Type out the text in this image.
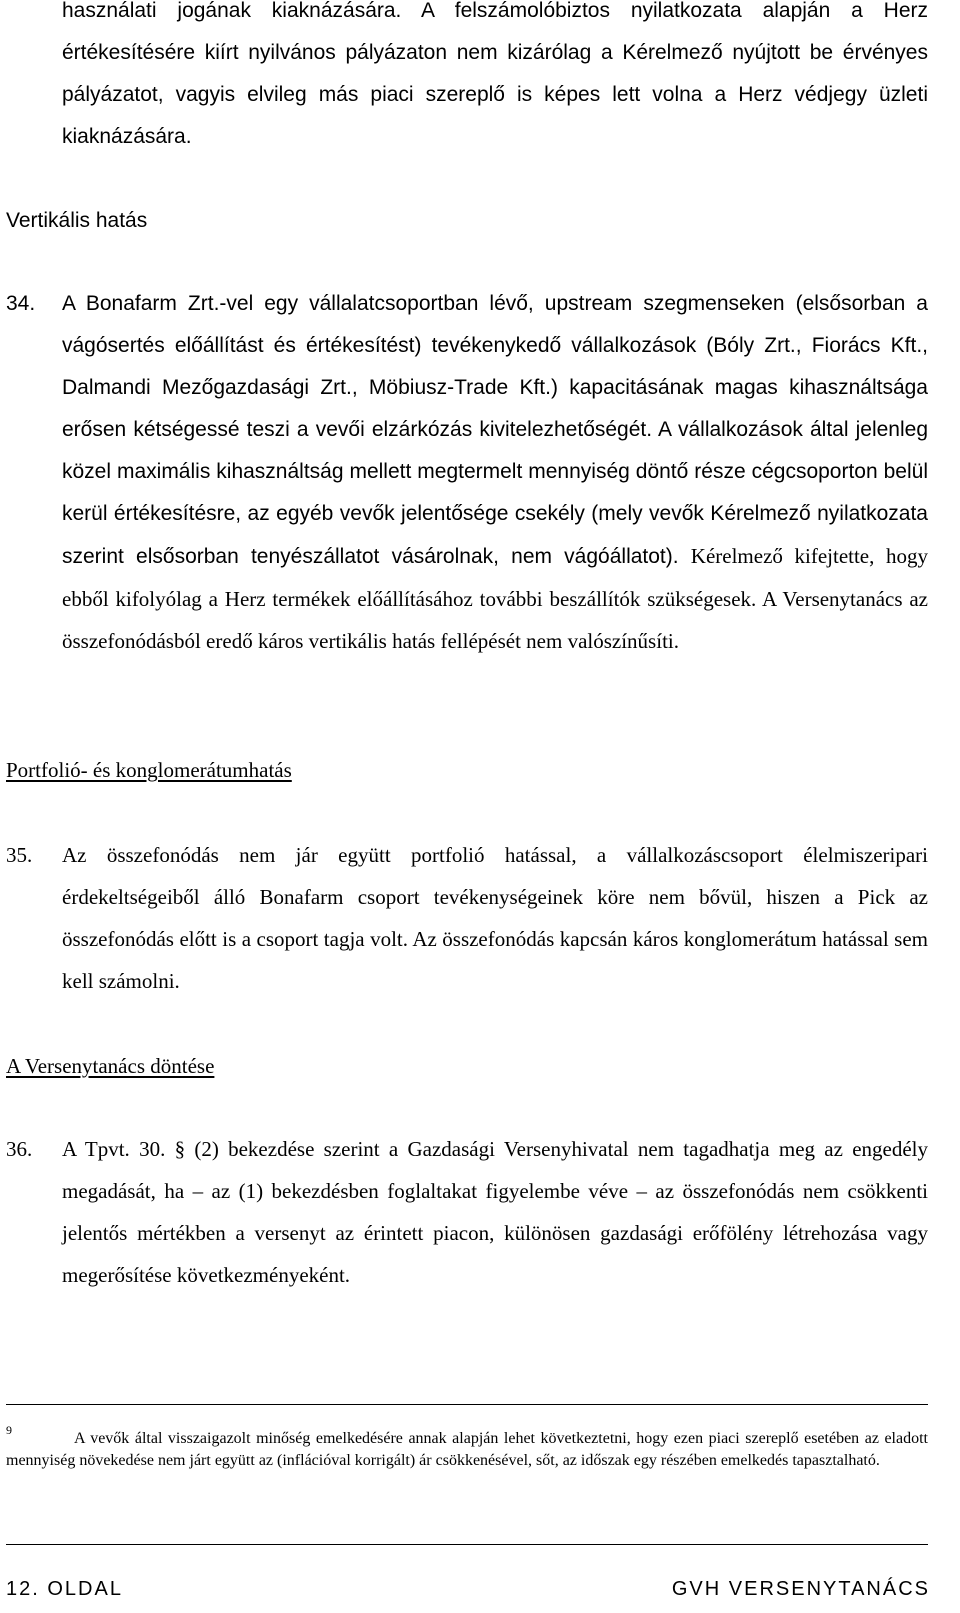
használati jogának kiaknázására. A felszámolóbiztos nyilatkozata alapján a Herz értékesítésére kiírt nyilvános pályázaton nem kizárólag a Kérelmező nyújtott be érvényes pályázatot, vagyis elvileg más piaci szereplő is képes lett volna a Herz védjegy üzleti kiaknázására.
Vertikális hatás
34.	A Bonafarm Zrt.-vel egy vállalatcsoportban lévő, upstream szegmenseken (elsősorban a vágósertés előállítást és értékesítést) tevékenykedő vállalkozások (Bóly Zrt., Fiorács Kft., Dalmandi Mezőgazdasági Zrt., Möbiusz-Trade Kft.) kapacitásának magas kihasználtsága erősen kétségessé teszi a vevői elzárkózás kivitelezhetőségét. A vállalkozások által jelenleg közel maximális kihasználtság mellett megtermelt mennyiség döntő része cégcsoporton belül kerül értékesítésre, az egyéb vevők jelentősége csekély (mely vevők Kérelmező nyilatkozata szerint elsősorban tenyészállatot vásárolnak, nem vágóállatot). Kérelmező kifejtette, hogy ebből kifolyólag a Herz termékek előállításához további beszállítók szükségesek. A Versenytanács az összefonódásból eredő káros vertikális hatás fellépését nem valószínűsíti.
Portfolió- és konglomerátumhatás
35.	Az összefonódás nem jár együtt portfolió hatással, a vállalkozáscsoport élelmiszeripari érdekeltségeiből álló Bonafarm csoport tevékenységeinek köre nem bővül, hiszen a Pick az összefonódás előtt is a csoport tagja volt. Az összefonódás kapcsán káros konglomerátum hatással sem kell számolni.
A Versenytanács döntése
36.	A Tpvt. 30. § (2) bekezdése szerint a Gazdasági Versenyhivatal nem tagadhatja meg az engedély megadását, ha – az (1) bekezdésben foglaltakat figyelembe véve – az összefonódás nem csökkenti jelentős mértékben a versenyt az érintett piacon, különösen gazdasági erőfölény létrehozása vagy megerősítése következményeként.
$^9$	A vevők által visszaigazolt minőség emelkedésére annak alapján lehet következtetni, hogy ezen piaci szereplő esetében az eladott mennyiség növekedése nem járt együtt az (inflációval korrigált) ár csökkenésével, sőt, az időszak egy részében emelkedés tapasztalható.
12. OLDAL	GVH VERSENYTANÁCS
